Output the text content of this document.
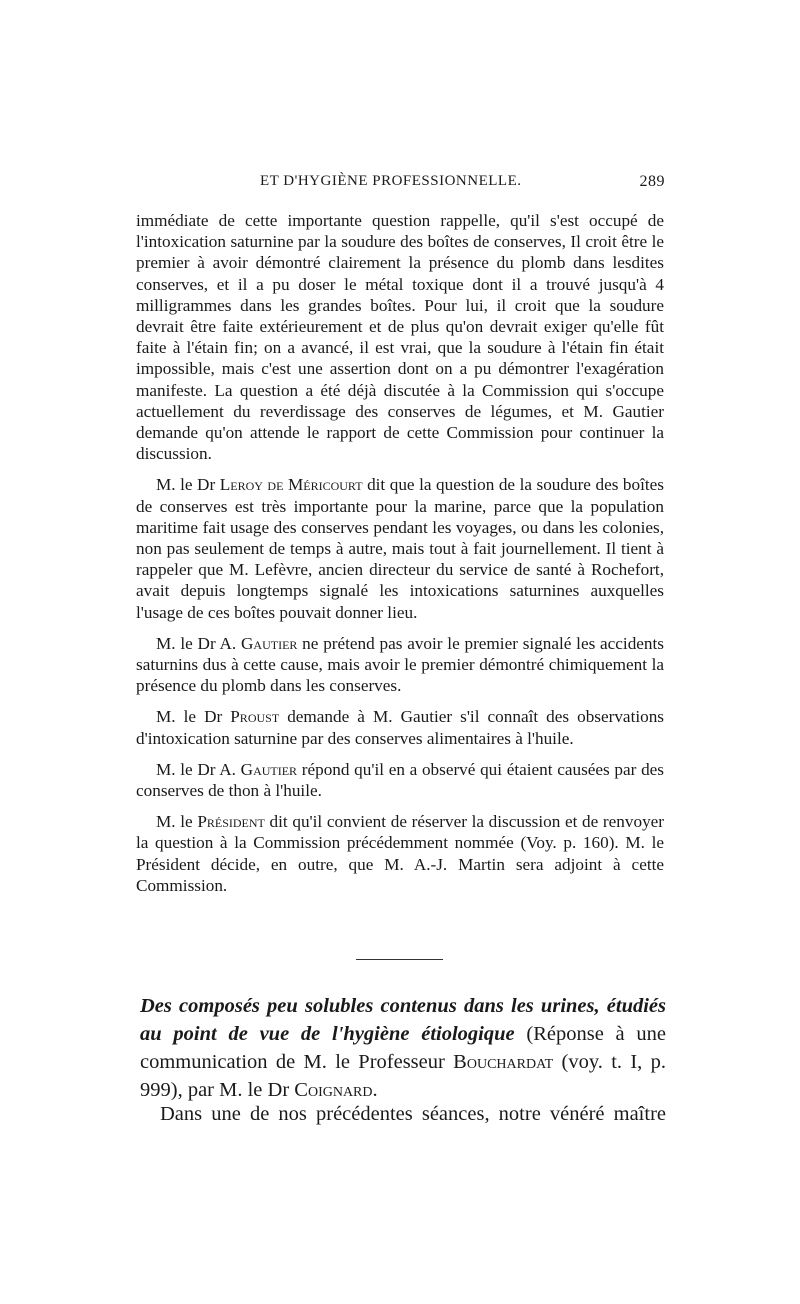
ET D'HYGIÈNE PROFESSIONNELLE.	289

immédiate de cette importante question rappelle, qu'il s'est occupé de l'intoxication saturnine par la soudure des boîtes de conserves, Il croit être le premier à avoir démontré clairement la présence du plomb dans lesdites conserves, et il a pu doser le métal toxique dont il a trouvé jusqu'à 4 milligrammes dans les grandes boîtes. Pour lui, il croit que la soudure devrait être faite extérieurement et de plus qu'on devrait exiger qu'elle fût faite à l'étain fin; on a avancé, il est vrai, que la soudure à l'étain fin était impossible, mais c'est une assertion dont on a pu démontrer l'exagération manifeste. La question a été déjà discutée à la Commission qui s'occupe actuellement du reverdissage des conserves de légumes, et M. Gautier demande qu'on attende le rapport de cette Commission pour continuer la discussion.

M. le Dr Leroy de Méricourt dit que la question de la soudure des boîtes de conserves est très importante pour la marine, parce que la population maritime fait usage des conserves pendant les voyages, ou dans les colonies, non pas seulement de temps à autre, mais tout à fait journellement. Il tient à rappeler que M. Lefèvre, ancien directeur du service de santé à Rochefort, avait depuis longtemps signalé les intoxications saturnines auxquelles l'usage de ces boîtes pouvait donner lieu.

M. le Dr A. Gautier ne prétend pas avoir le premier signalé les accidents saturnins dus à cette cause, mais avoir le premier démontré chimiquement la présence du plomb dans les conserves.

M. le Dr Proust demande à M. Gautier s'il connaît des observations d'intoxication saturnine par des conserves alimentaires à l'huile.

M. le Dr A. Gautier répond qu'il en a observé qui étaient causées par des conserves de thon à l'huile.

M. le Président dit qu'il convient de réserver la discussion et de renvoyer la question à la Commission précédemment nommée (Voy. p. 160). M. le Président décide, en outre, que M. A.-J. Martin sera adjoint à cette Commission.

Des composés peu solubles contenus dans les urines, étudiés au point de vue de l'hygiène étiologique (Réponse à une communication de M. le Professeur Bouchardat (voy. t. I, p. 999), par M. le Dr Coignard.
Dans une de nos précédentes séances, notre vénéré maître
